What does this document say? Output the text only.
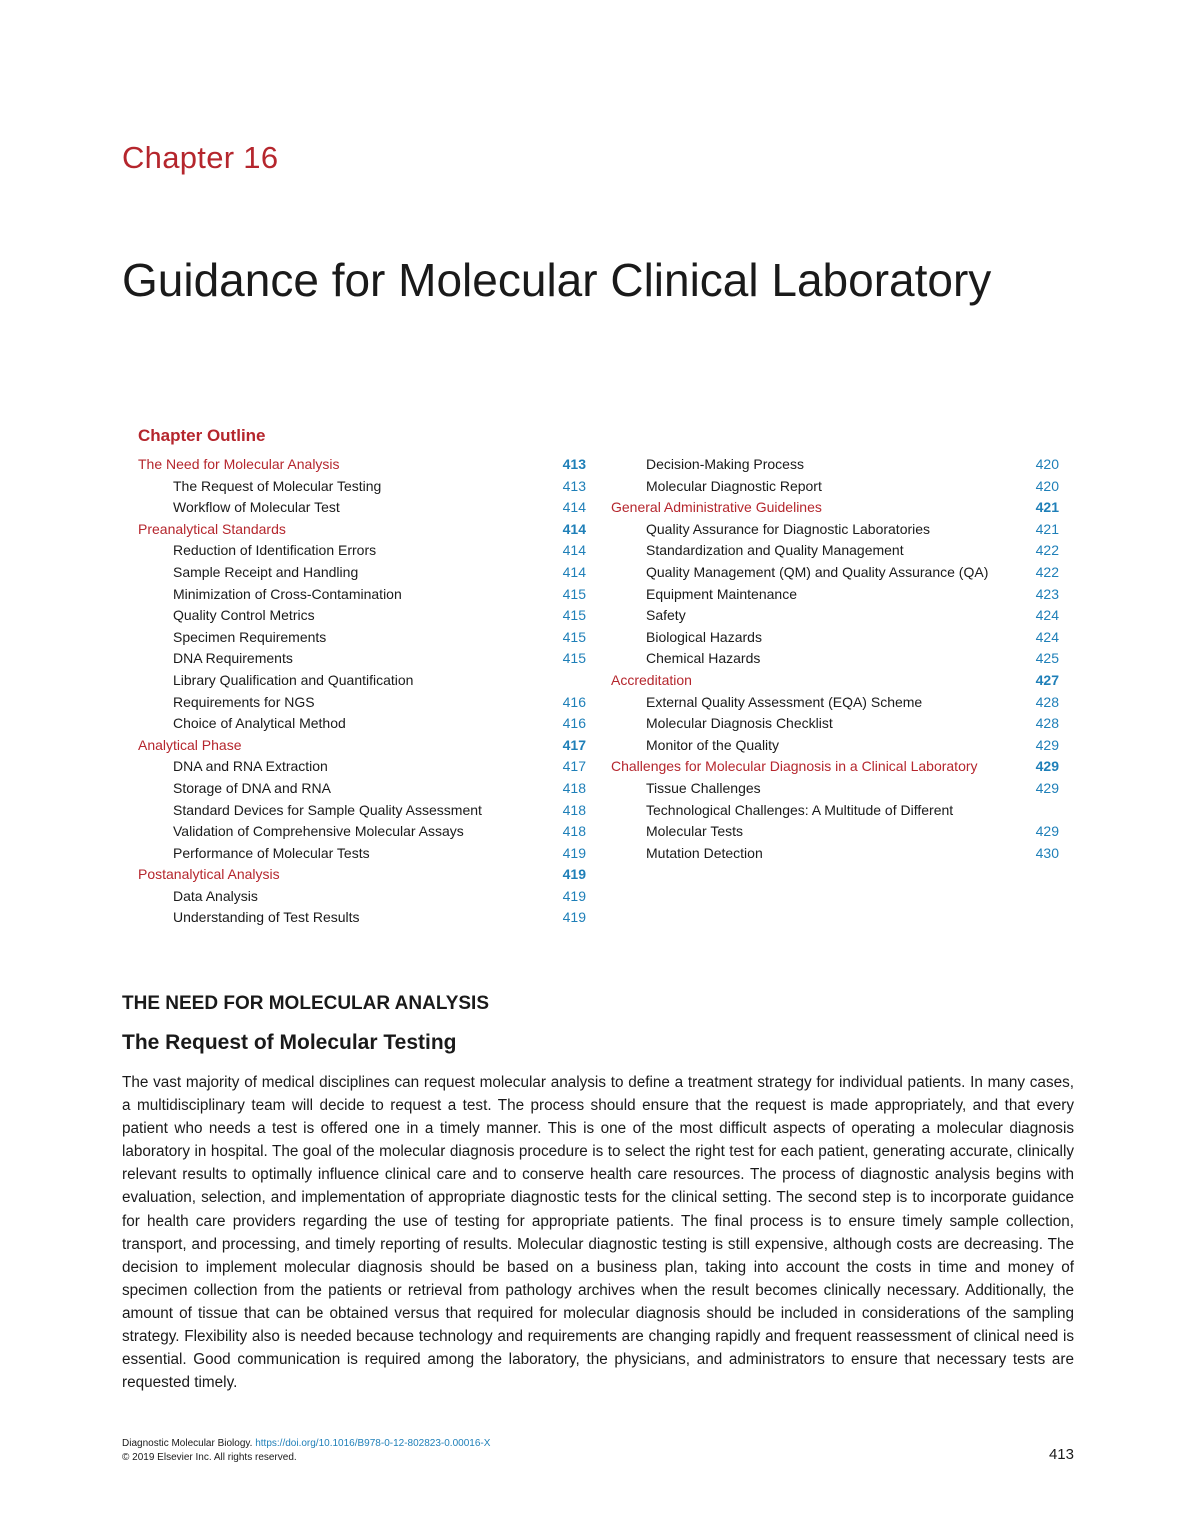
Chapter 16
Guidance for Molecular Clinical Laboratory
Chapter Outline
The Need for Molecular Analysis	413
The Request of Molecular Testing	413
Workflow of Molecular Test	414
Preanalytical Standards	414
Reduction of Identification Errors	414
Sample Receipt and Handling	414
Minimization of Cross-Contamination	415
Quality Control Metrics	415
Specimen Requirements	415
DNA Requirements	415
Library Qualification and Quantification
Requirements for NGS	416
Choice of Analytical Method	416
Analytical Phase	417
DNA and RNA Extraction	417
Storage of DNA and RNA	418
Standard Devices for Sample Quality Assessment	418
Validation of Comprehensive Molecular Assays	418
Performance of Molecular Tests	419
Postanalytical Analysis	419
Data Analysis	419
Understanding of Test Results	419
Decision-Making Process	420
Molecular Diagnostic Report	420
General Administrative Guidelines	421
Quality Assurance for Diagnostic Laboratories	421
Standardization and Quality Management	422
Quality Management (QM) and Quality Assurance (QA)	422
Equipment Maintenance	423
Safety	424
Biological Hazards	424
Chemical Hazards	425
Accreditation	427
External Quality Assessment (EQA) Scheme	428
Molecular Diagnosis Checklist	428
Monitor of the Quality	429
Challenges for Molecular Diagnosis in a Clinical Laboratory	429
Tissue Challenges	429
Technological Challenges: A Multitude of Different
Molecular Tests	429
Mutation Detection	430
THE NEED FOR MOLECULAR ANALYSIS
The Request of Molecular Testing

The vast majority of medical disciplines can request molecular analysis to define a treatment strategy for individual patients. In many cases, a multidisciplinary team will decide to request a test. The process should ensure that the request is made appropriately, and that every patient who needs a test is offered one in a timely manner. This is one of the most difficult aspects of operating a molecular diagnosis laboratory in hospital. The goal of the molecular diagnosis procedure is to select the right test for each patient, generating accurate, clinically relevant results to optimally influence clinical care and to conserve health care resources. The process of diagnostic analysis begins with evaluation, selection, and implementation of appropriate diagnostic tests for the clinical setting. The second step is to incorporate guidance for health care providers regarding the use of testing for appropriate patients. The final process is to ensure timely sample collection, transport, and processing, and timely reporting of results. Molecular diagnostic testing is still expensive, although costs are decreasing. The decision to implement molecular diagnosis should be based on a business plan, taking into account the costs in time and money of specimen collection from the patients or retrieval from pathology archives when the result becomes clinically necessary. Additionally, the amount of tissue that can be obtained versus that required for molecular diagnosis should be included in considerations of the sampling strategy. Flexibility also is needed because technology and requirements are changing rapidly and frequent reassessment of clinical need is essential. Good communication is required among the laboratory, the physicians, and administrators to ensure that necessary tests are requested timely.

Diagnostic Molecular Biology. https://doi.org/10.1016/B978-0-12-802823-0.00016-X
© 2019 Elsevier Inc. All rights reserved.	413
